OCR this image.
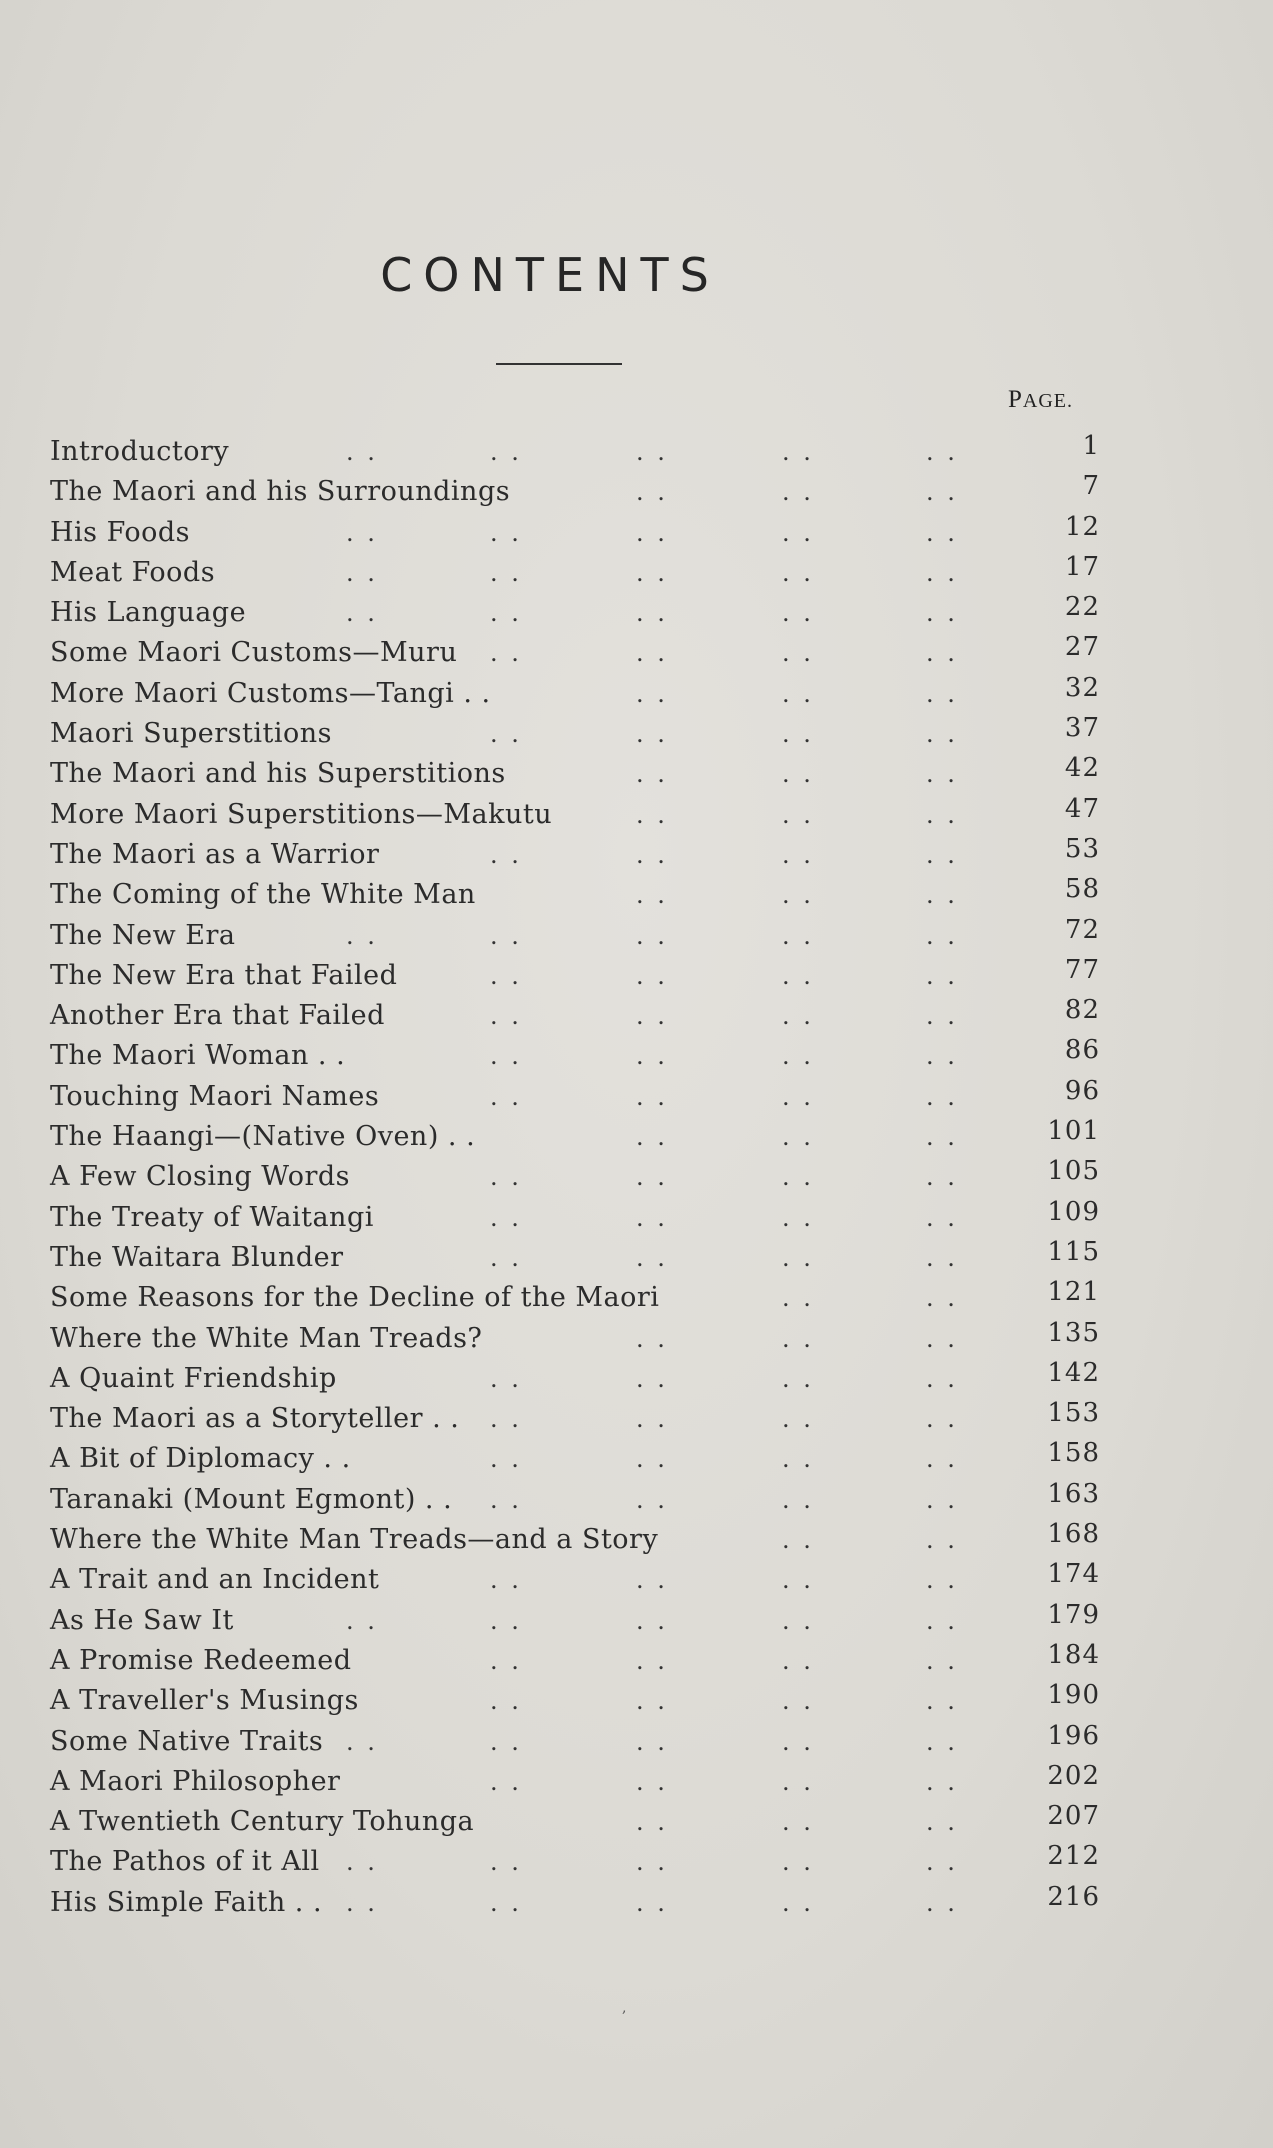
CONTENTS
PAGE.
Introductory	. .	. .	. .	. .	. .	1
The Maori and his Surroundings	. .	. .	. .	7
His Foods	. .	. .	. .	. .	. .	12
Meat Foods	. .	. .	. .	. .	. .	17
His Language	. .	. .	. .	. .	. .	22
Some Maori Customs—Muru . .	. .	. .	. .	27
More Maori Customs—Tangi . .	. .	. .	. .	32
Maori Superstitions	. .	. .	. .	. .	37
The Maori and his Superstitions	. .	. .	. .	42
More Maori Superstitions—Makutu	. .	. .	. .	47
The Maori as a Warrior	. .	. .	. .	. .	53
The Coming of the White Man	. .	. .	. .	58
The New Era	. .	. .	. .	. .	. .	72
The New Era that Failed	. .	. .	. .	. .	77
Another Era that Failed	. .	. .	. .	. .	82
The Maori Woman . .	. .	. .	. .	. .	86
Touching Maori Names	. .	. .	. .	. .	96
The Haangi—(Native Oven) . .	. .	. .	. .	101
A Few Closing Words	. .	. .	. .	. .	105
The Treaty of Waitangi	. .	. .	. .	. .	109
The Waitara Blunder	. .	. .	. .	. .	115
Some Reasons for the Decline of the Maori	. .	. .	121
Where the White Man Treads?	. .	. .	. .	135
A Quaint Friendship	. .	. .	. .	. .	142
The Maori as a Storyteller . . . .	. .	. .	. .	153
A Bit of Diplomacy . .	. .	. .	. .	. .	158
Taranaki (Mount Egmont) . . . .	. .	. .	. .	163
Where the White Man Treads—and a Story	. .	. .	168
A Trait and an Incident	. .	. .	. .	. .	174
As He Saw It	. .	. .	. .	. .	. .	179
A Promise Redeemed	. .	. .	. .	. .	184
A Traveller's Musings	. .	. .	. .	. .	190
Some Native Traits . .	. .	. .	. .	. .	196
A Maori Philosopher	. .	. .	. .	. .	202
A Twentieth Century Tohunga	. .	. .	. .	207
The Pathos of it All . .	. .	. .	. .	. .	212
His Simple Faith . . . .	. .	. .	. .	. .	216
,
